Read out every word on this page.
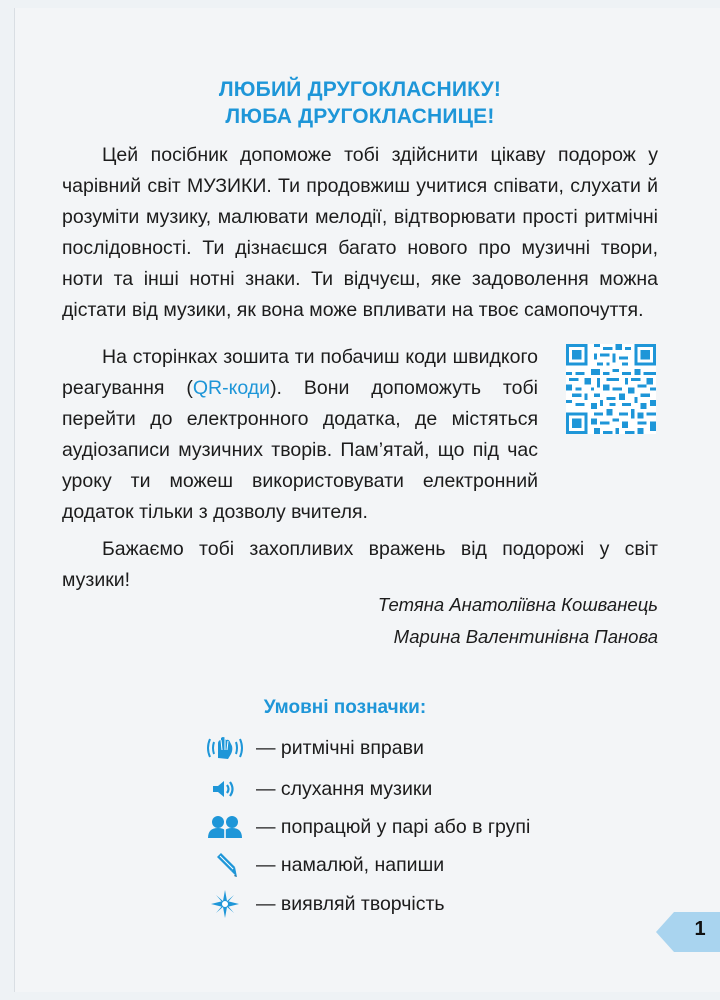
ЛЮБИЙ ДРУГОКЛАСНИКУ!
ЛЮБА ДРУГОКЛАСНИЦЕ!

Цей посібник допоможе тобі здійснити цікаву подорож у чарівний світ МУЗИКИ. Ти продовжиш учитися співати, слухати й розуміти музику, малювати мелодії, відтворювати прості ритмічні послідовності. Ти дізнаєшся багато нового про музичні твори, ноти та інші нотні знаки. Ти відчуєш, яке задоволення можна дістати від музики, як вона може впливати на твоє самопочуття.

На сторінках зошита ти побачиш коди швидкого реагування (QR-коди). Вони допоможуть тобі перейти до електронного додатка, де містяться аудіозаписи музичних творів. Пам’ятай, що під час уроку ти можеш використовувати електронний додаток тільки з дозволу вчителя.

Бажаємо тобі захопливих вражень від подорожі у світ музики!

Тетяна Анатоліївна Кошванець
Марина Валентинівна Панова
Умовні позначки:
— ритмічні вправи
— слухання музики
— попрацюй у парі або в групі
— намалюй, напиши
— виявляй творчість
1
